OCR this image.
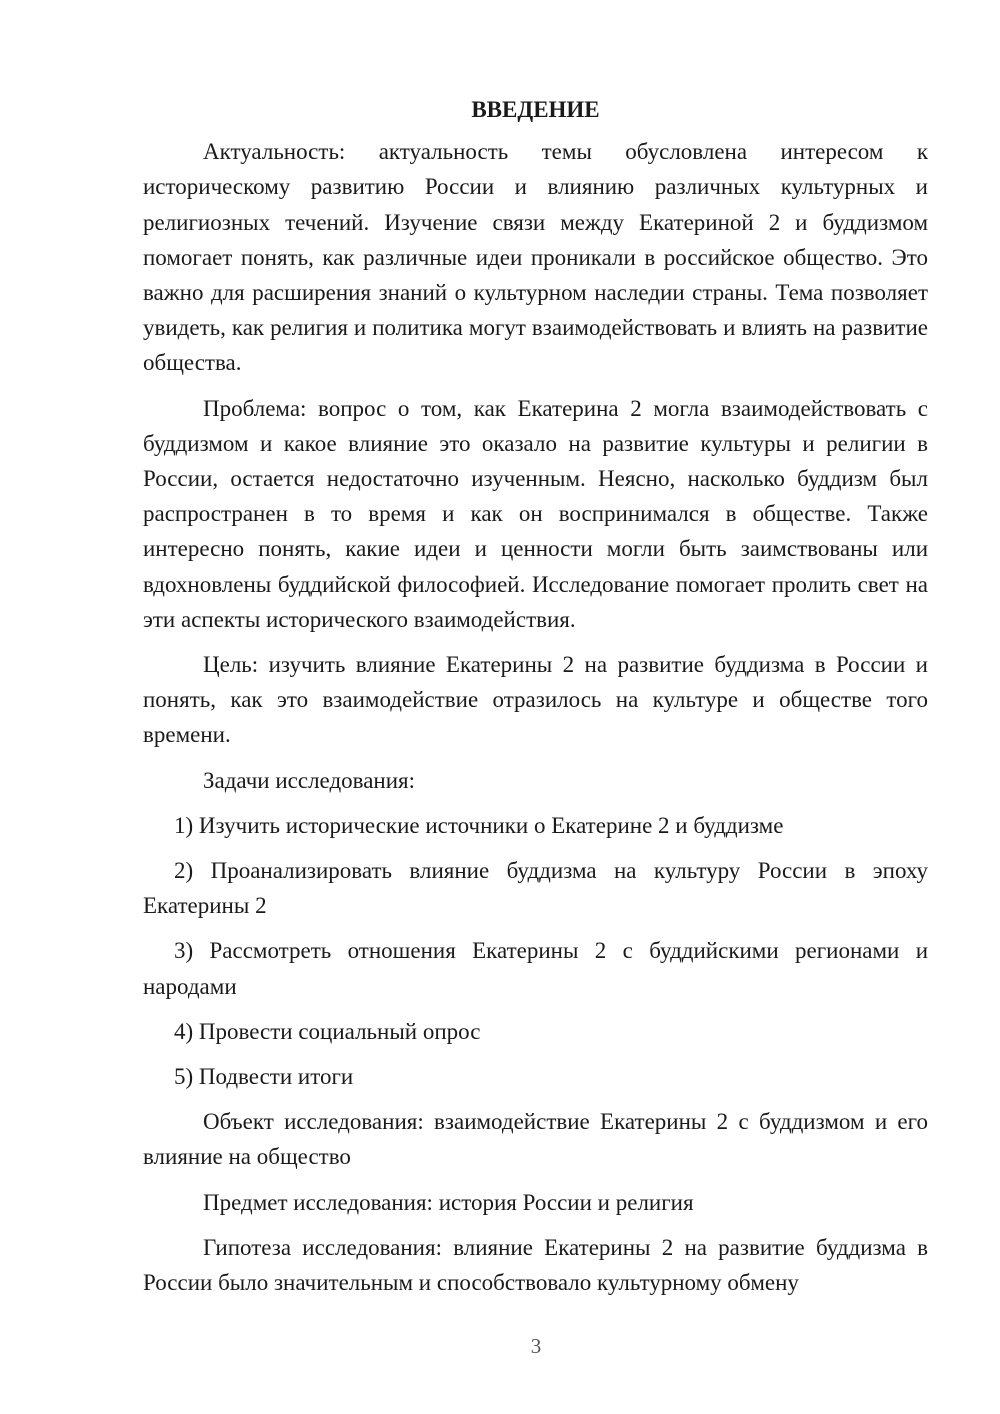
ВВЕДЕНИЕ

Актуальность: актуальность темы обусловлена интересом к историческому развитию России и влиянию различных культурных и религиозных течений. Изучение связи между Екатериной 2 и буддизмом помогает понять, как различные идеи проникали в российское общество. Это важно для расширения знаний о культурном наследии страны. Тема позволяет увидеть, как религия и политика могут взаимодействовать и влиять на развитие общества.

Проблема: вопрос о том, как Екатерина 2 могла взаимодействовать с буддизмом и какое влияние это оказало на развитие культуры и религии в России, остается недостаточно изученным. Неясно, насколько буддизм был распространен в то время и как он воспринимался в обществе. Также интересно понять, какие идеи и ценности могли быть заимствованы или вдохновлены буддийской философией. Исследование помогает пролить свет на эти аспекты исторического взаимодействия.

Цель: изучить влияние Екатерины 2 на развитие буддизма в России и понять, как это взаимодействие отразилось на культуре и обществе того времени.

Задачи исследования:

1) Изучить исторические источники о Екатерине 2 и буддизме

2) Проанализировать влияние буддизма на культуру России в эпоху Екатерины 2

3) Рассмотреть отношения Екатерины 2 с буддийскими регионами и народами

4) Провести социальный опрос

5) Подвести итоги

Объект исследования: взаимодействие Екатерины 2 с буддизмом и его влияние на общество

Предмет исследования: история России и религия

Гипотеза исследования: влияние Екатерины 2 на развитие буддизма в России было значительным и способствовало культурному обмену

3
